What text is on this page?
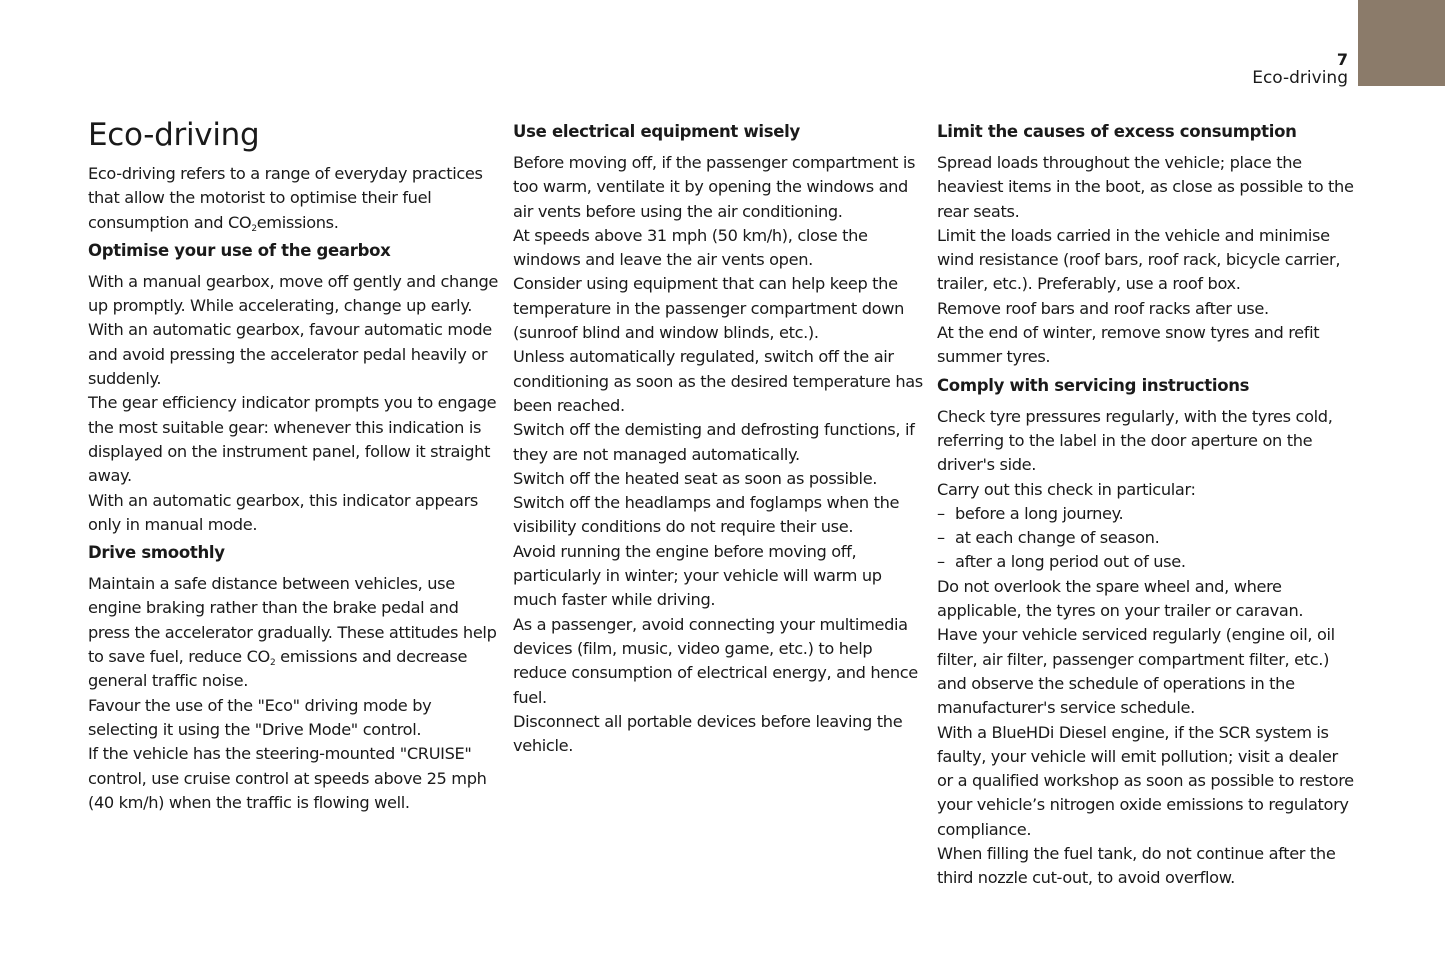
7
Eco-driving
Eco-driving

Eco-driving refers to a range of everyday practices that allow the motorist to optimise their fuel consumption and $CO_2emissions$.

Optimise your use of the gearbox

With a manual gearbox, move off gently and change up promptly. While accelerating, change up early.

With an automatic gearbox, favour automatic mode and avoid pressing the accelerator pedal heavily or suddenly.

The gear efficiency indicator prompts you to engage the most suitable gear: whenever this indication is displayed on the instrument panel, follow it straight away.

With an automatic gearbox, this indicator appears only in manual mode.

Drive smoothly

Maintain a safe distance between vehicles, use engine braking rather than the brake pedal and press the accelerator gradually. These attitudes help to save fuel, reduce $CO_2$ emissions and decrease general traffic noise.

Favour the use of the "Eco" driving mode by selecting it using the "Drive Mode" control.

If the vehicle has the steering-mounted "CRUISE" control, use cruise control at speeds above 25 mph (40 km/h) when the traffic is flowing well.

Use electrical equipment wisely

Before moving off, if the passenger compartment is too warm, ventilate it by opening the windows and air vents before using the air conditioning.

At speeds above 31 mph (50 km/h), close the windows and leave the air vents open.

Consider using equipment that can help keep the temperature in the passenger compartment down (sunroof blind and window blinds, etc.).

Unless automatically regulated, switch off the air conditioning as soon as the desired temperature has been reached.

Switch off the demisting and defrosting functions, if they are not managed automatically.

Switch off the heated seat as soon as possible.

Switch off the headlamps and foglamps when the visibility conditions do not require their use.

Avoid running the engine before moving off, particularly in winter; your vehicle will warm up much faster while driving.

As a passenger, avoid connecting your multimedia devices (film, music, video game, etc.) to help reduce consumption of electrical energy, and hence fuel.

Disconnect all portable devices before leaving the vehicle.

Limit the causes of excess consumption

Spread loads throughout the vehicle; place the heaviest items in the boot, as close as possible to the rear seats.

Limit the loads carried in the vehicle and minimise wind resistance (roof bars, roof rack, bicycle carrier, trailer, etc.). Preferably, use a roof box.

Remove roof bars and roof racks after use.

At the end of winter, remove snow tyres and refit summer tyres.

Comply with servicing instructions

Check tyre pressures regularly, with the tyres cold, referring to the label in the door aperture on the driver's side.

Carry out this check in particular:

– before a long journey.

– at each change of season.

– after a long period out of use.

Do not overlook the spare wheel and, where applicable, the tyres on your trailer or caravan.

Have your vehicle serviced regularly (engine oil, oil filter, air filter, passenger compartment filter, etc.) and observe the schedule of operations in the manufacturer's service schedule.

With a BlueHDi Diesel engine, if the SCR system is faulty, your vehicle will emit pollution; visit a dealer or a qualified workshop as soon as possible to restore your vehicle’s nitrogen oxide emissions to regulatory compliance.

When filling the fuel tank, do not continue after the third nozzle cut-out, to avoid overflow.
